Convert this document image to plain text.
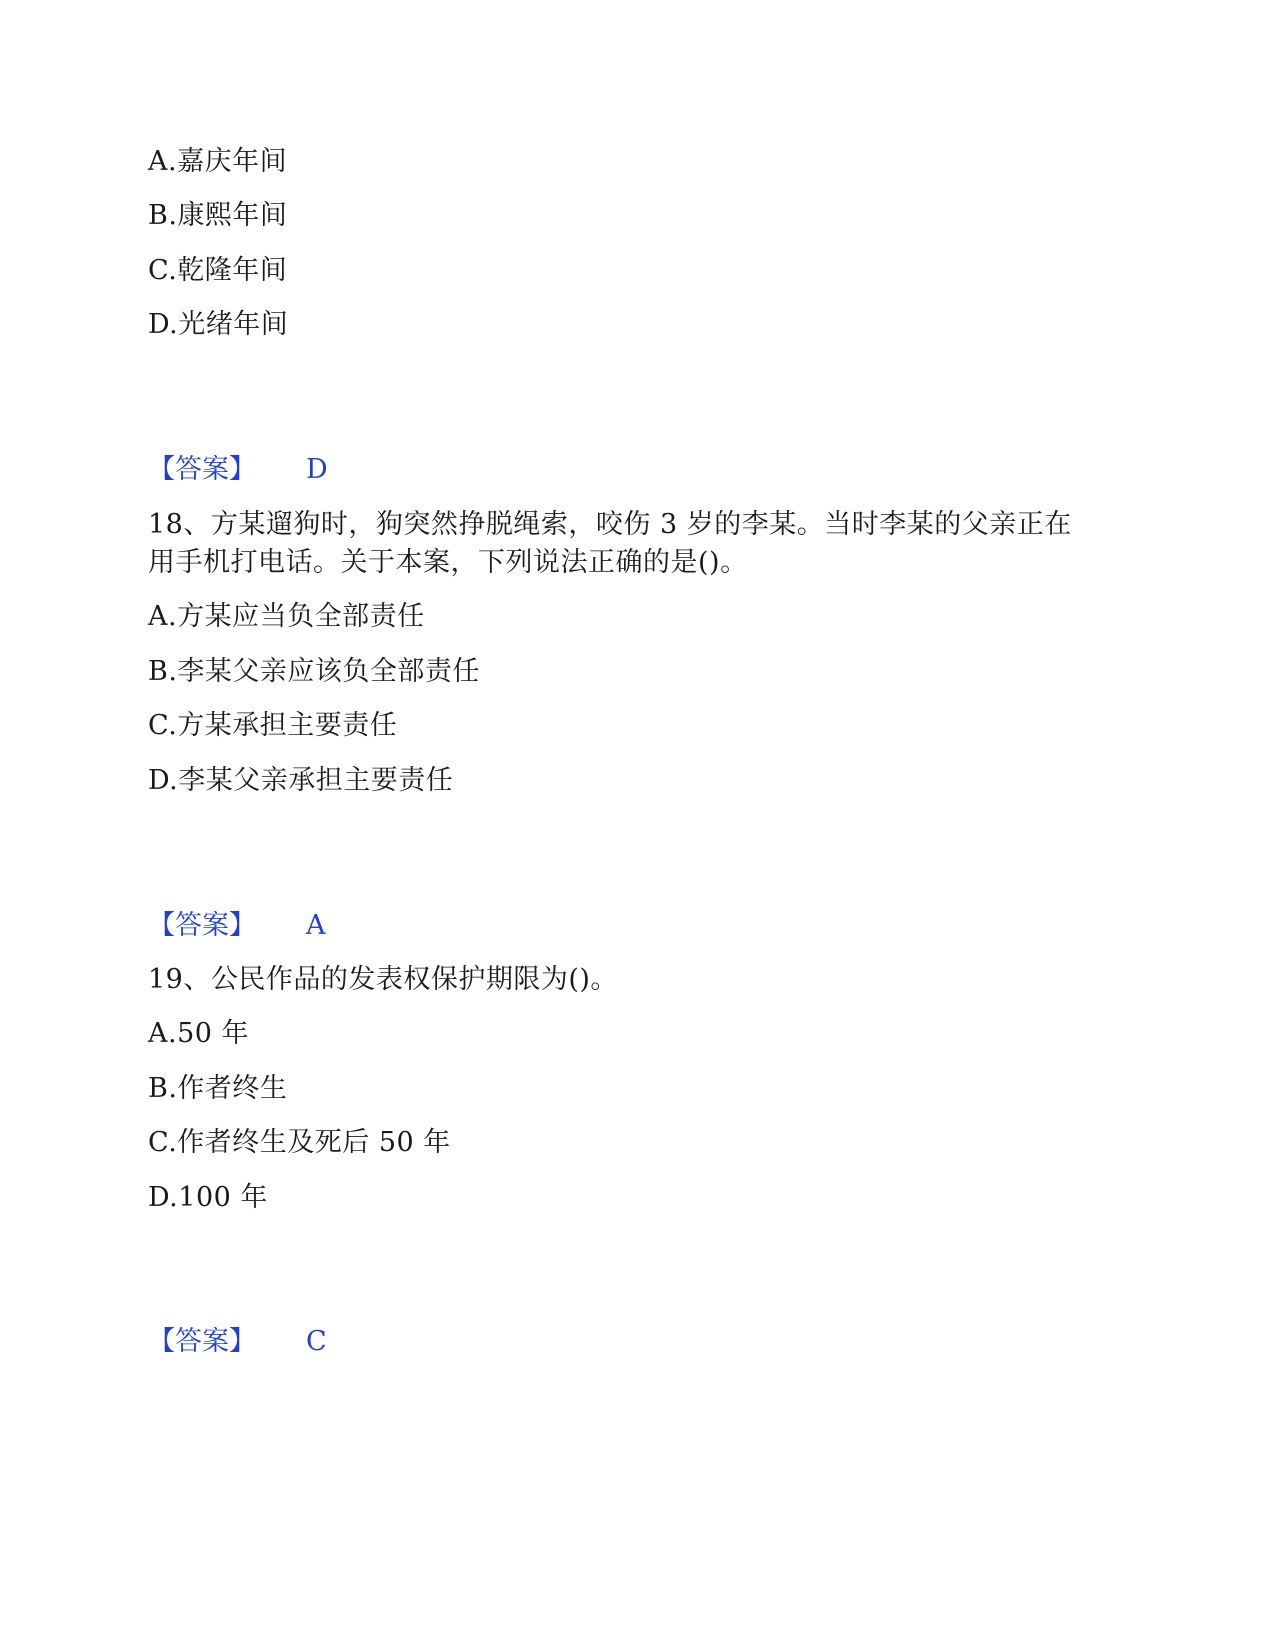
A.嘉庆年间
B.康熙年间
C.乾隆年间
D.光绪年间
【答案】 D
18、方某遛狗时，狗突然挣脱绳索，咬伤 3 岁的李某。当时李某的父亲正在
用手机打电话。关于本案，下列说法正确的是()。
A.方某应当负全部责任
B.李某父亲应该负全部责任
C.方某承担主要责任
D.李某父亲承担主要责任
【答案】 A
19、公民作品的发表权保护期限为()。
A.50 年
B.作者终生
C.作者终生及死后 50 年
D.100 年
【答案】 C
